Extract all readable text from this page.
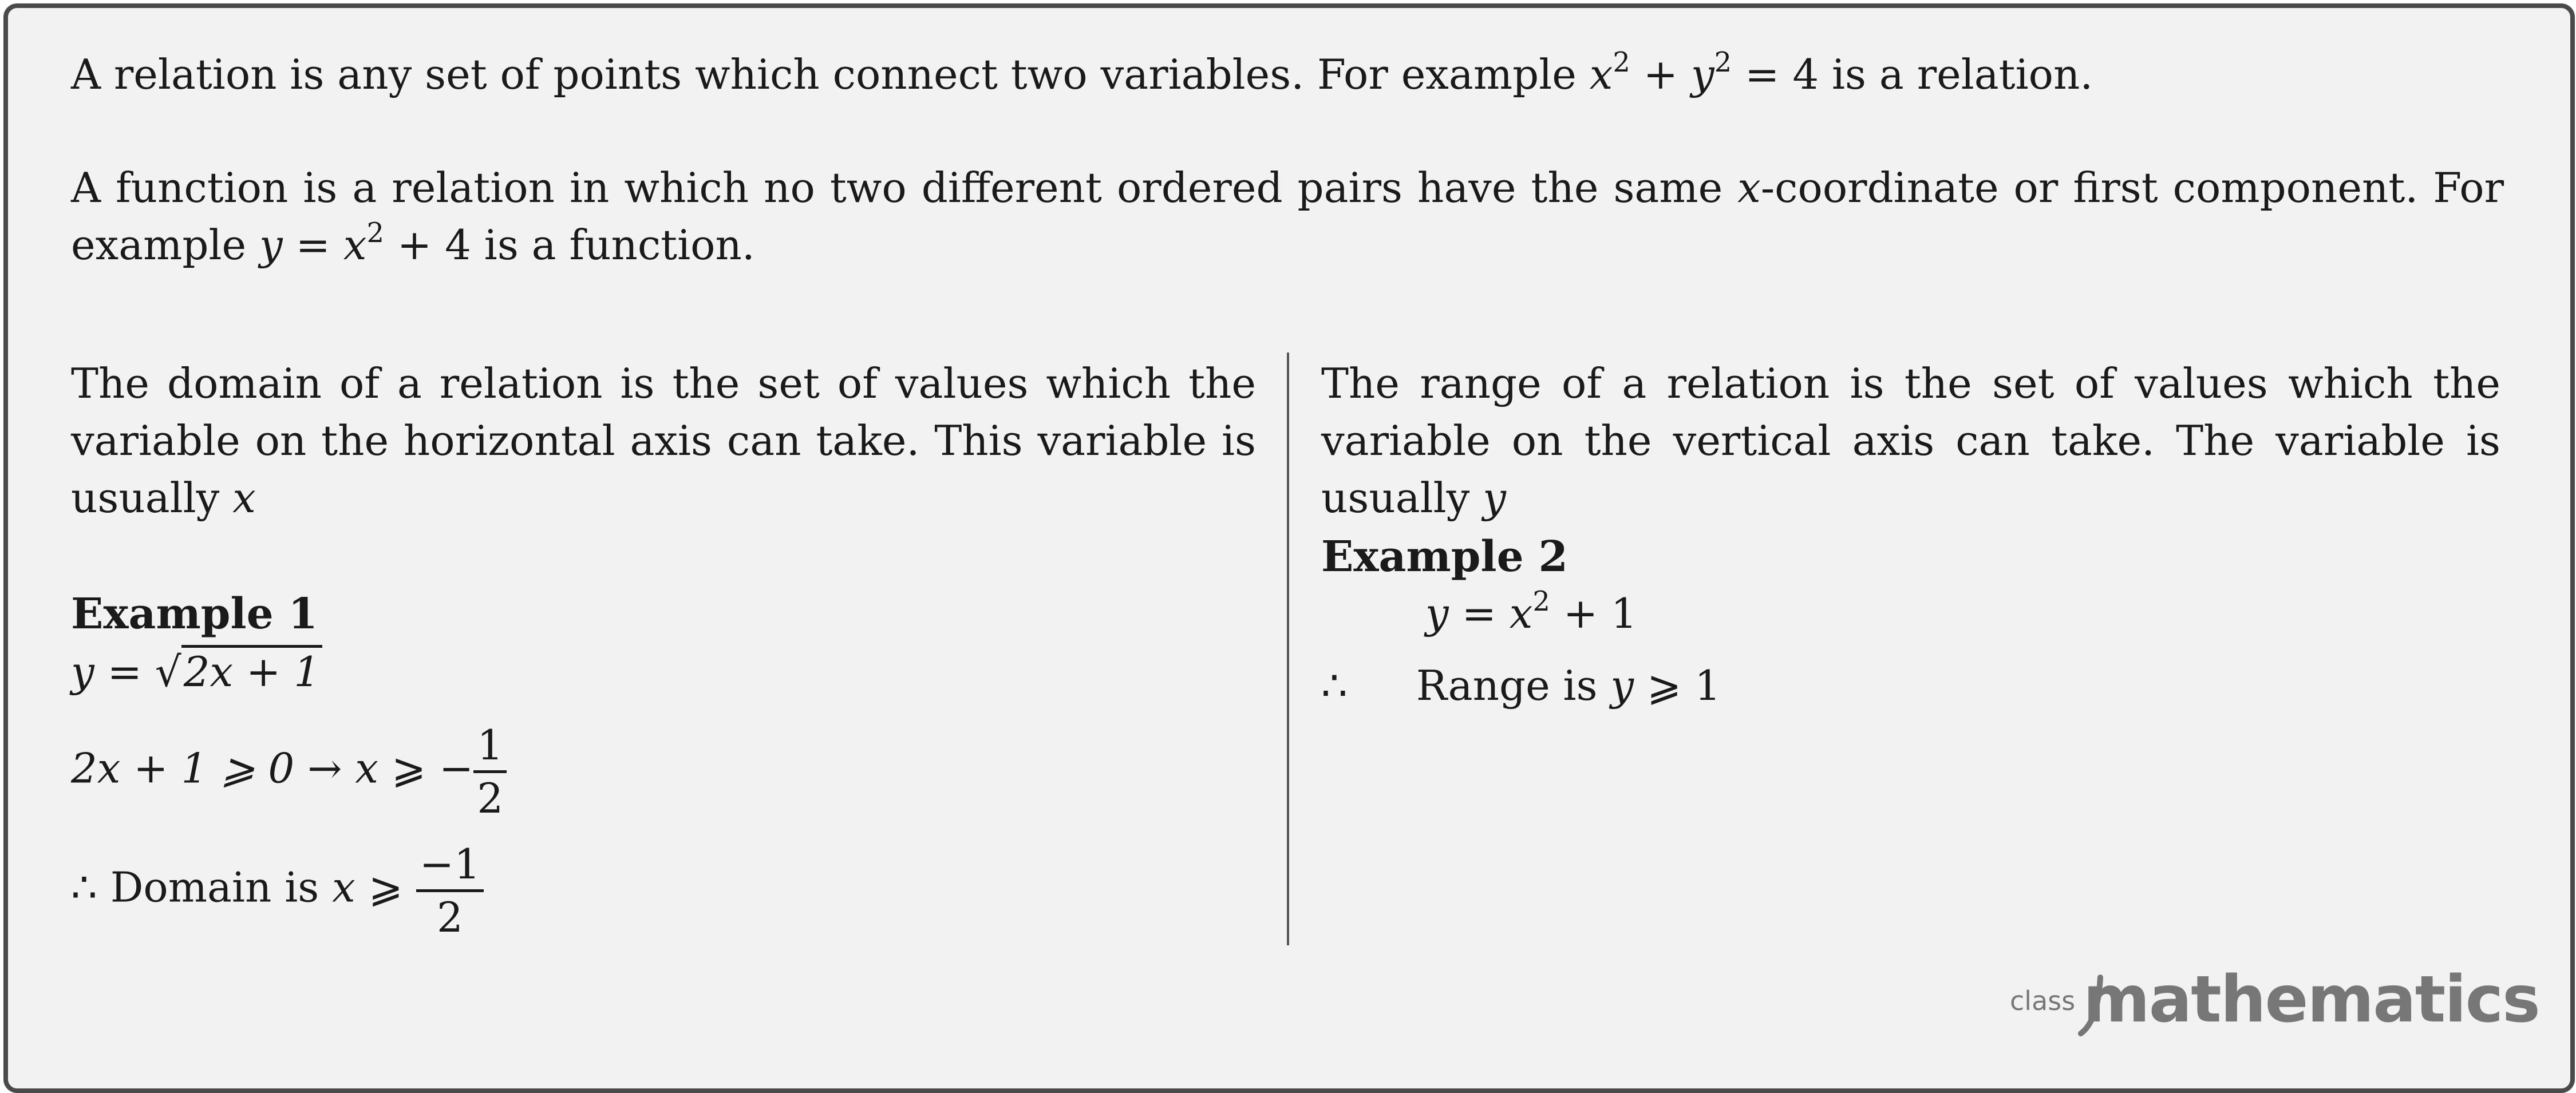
A relation is any set of points which connect two variables. For example $x^2 + y^2 = 4$ is a relation.
A function is a relation in which no two different ordered pairs have the same x-coordinate or first component. For example $y = x^2 + 4$ is a function.
The domain of a relation is the set of values which the variable on the horizontal axis can take. This variable is usually x
Example 1
y = √2x + 1
2x + 1 ⩾ 0 → x ⩾ − $\frac{1}{2}$
∴ Domain is x ⩾ $\frac{-1}{2}$
The range of a relation is the set of values which the variable on the vertical axis can take. The variable is usually y
Example 2
$y = x^2 + 1$
∴ Range is y ⩾ 1
class mathematics
